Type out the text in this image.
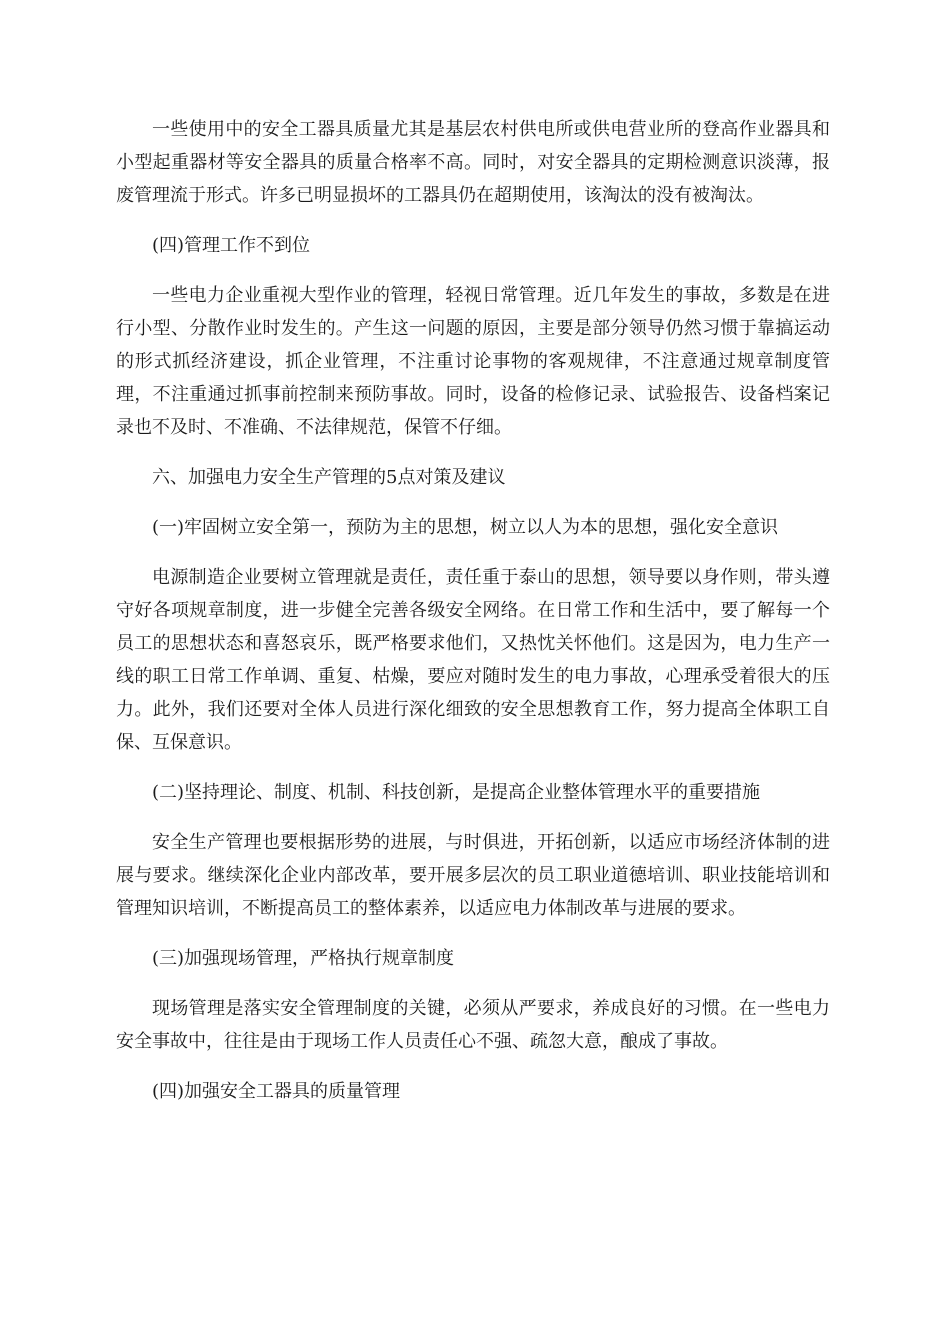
一些使用中的安全工器具质量尤其是基层农村供电所或供电营业所的登高作业器具和小型起重器材等安全器具的质量合格率不高。同时，对安全器具的定期检测意识淡薄，报废管理流于形式。许多已明显损坏的工器具仍在超期使用，该淘汰的没有被淘汰。

(四)管理工作不到位

一些电力企业重视大型作业的管理，轻视日常管理。近几年发生的事故，多数是在进行小型、分散作业时发生的。产生这一问题的原因，主要是部分领导仍然习惯于靠搞运动的形式抓经济建设，抓企业管理，不注重讨论事物的客观规律，不注意通过规章制度管理，不注重通过抓事前控制来预防事故。同时，设备的检修记录、试验报告、设备档案记录也不及时、不准确、不法律规范，保管不仔细。

六、加强电力安全生产管理的5点对策及建议

(一)牢固树立安全第一，预防为主的思想，树立以人为本的思想，强化安全意识

电源制造企业要树立管理就是责任，责任重于泰山的思想，领导要以身作则，带头遵守好各项规章制度，进一步健全完善各级安全网络。在日常工作和生活中，要了解每一个员工的思想状态和喜怒哀乐，既严格要求他们，又热忱关怀他们。这是因为，电力生产一线的职工日常工作单调、重复、枯燥，要应对随时发生的电力事故，心理承受着很大的压力。此外，我们还要对全体人员进行深化细致的安全思想教育工作，努力提高全体职工自保、互保意识。

(二)坚持理论、制度、机制、科技创新，是提高企业整体管理水平的重要措施

安全生产管理也要根据形势的进展，与时俱进，开拓创新，以适应市场经济体制的进展与要求。继续深化企业内部改革，要开展多层次的员工职业道德培训、职业技能培训和管理知识培训，不断提高员工的整体素养，以适应电力体制改革与进展的要求。

(三)加强现场管理，严格执行规章制度

现场管理是落实安全管理制度的关键，必须从严要求，养成良好的习惯。在一些电力安全事故中，往往是由于现场工作人员责任心不强、疏忽大意，酿成了事故。

(四)加强安全工器具的质量管理
